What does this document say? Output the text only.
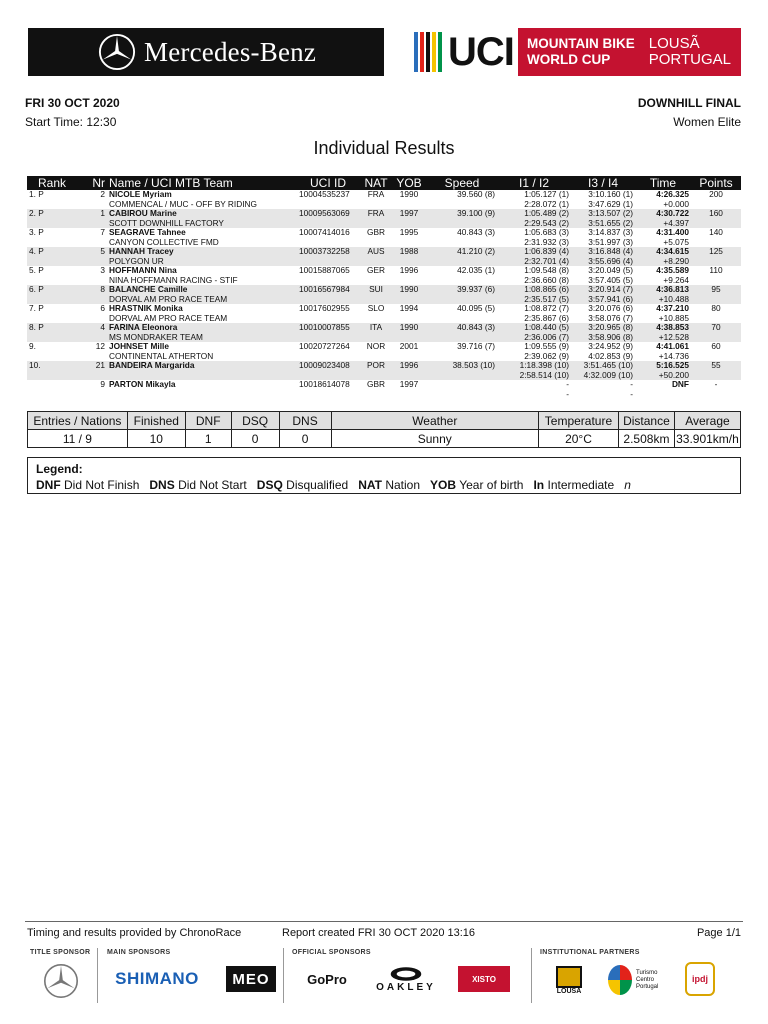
Mercedes-Benz	UCI MOUNTAIN BIKE
WORLD CUP
LOUSÃ
PORTUGAL
FRI 30 OCT 2020
Start Time: 12:30
DOWNHILL FINAL
Women Elite
Individual Results
Rank		Nr	Name / UCI MTB Team	UCI ID	NAT	YOB	Speed	I1 / I2	I3 / I4	Time	Points
1. P		2	NICOLE Myriam	10004535237	FRA	1990	39.560 (8)	1:05.127 (1)	3:10.160 (1)	4:26.325	200
			COMMENCAL / MUC - OFF BY RIDING					2:28.072 (1)	3:47.629 (1)	+0.000	
2. P		1	CABIROU Marine	10009563069	FRA	1997	39.100 (9)	1:05.489 (2)	3:13.507 (2)	4:30.722	160
			SCOTT DOWNHILL FACTORY					2:29.543 (2)	3:51.655 (2)	+4.397	
3. P		7	SEAGRAVE Tahnee	10007414016	GBR	1995	40.843 (3)	1:05.683 (3)	3:14.837 (3)	4:31.400	140
			CANYON COLLECTIVE FMD					2:31.932 (3)	3:51.997 (3)	+5.075	
4. P		5	HANNAH Tracey	10003732258	AUS	1988	41.210 (2)	1:06.839 (4)	3:16.848 (4)	4:34.615	125
			POLYGON UR					2:32.701 (4)	3:55.696 (4)	+8.290	
5. P		3	HOFFMANN Nina	10015887065	GER	1996	42.035 (1)	1:09.548 (8)	3:20.049 (5)	4:35.589	110
			NINA HOFFMANN RACING - STIF					2:36.660 (8)	3:57.405 (5)	+9.264	
6. P		8	BALANCHE Camille	10016567984	SUI	1990	39.937 (6)	1:08.865 (6)	3:20.914 (7)	4:36.813	95
			DORVAL AM PRO RACE TEAM					2:35.517 (5)	3:57.941 (6)	+10.488	
7. P		6	HRASTNIK Monika	10017602955	SLO	1994	40.095 (5)	1:08.872 (7)	3:20.076 (6)	4:37.210	80
			DORVAL AM PRO RACE TEAM					2:35.867 (6)	3:58.076 (7)	+10.885	
8. P		4	FARINA Eleonora	10010007855	ITA	1990	40.843 (3)	1:08.440 (5)	3:20.965 (8)	4:38.853	70
			MS MONDRAKER TEAM					2:36.006 (7)	3:58.906 (8)	+12.528	
9.		12	JOHNSET Mille	10020727264	NOR	2001	39.716 (7)	1:09.555 (9)	3:24.952 (9)	4:41.061	60
			CONTINENTAL ATHERTON					2:39.062 (9)	4:02.853 (9)	+14.736	
10.		21	BANDEIRA Margarida	10009023408	POR	1996	38.503 (10)	1:18.398 (10)	3:51.465 (10)	5:16.525	55
								2:58.514 (10)	4:32.009 (10)	+50.200	
		9	PARTON Mikayla	10018614078	GBR	1997		-	-	DNF	-
								-	-		
Entries / Nations	Finished	DNF	DSQ	DNS	Weather	Temperature	Distance	Average
11 / 9	10	1	0	0	Sunny	20°C	2.508km	33.901km/h
Legend:
DNF Did Not Finish DNS Did Not Start DSQ Disqualified NAT Nation YOB Year of birth In Intermediate n
Timing and results provided by ChronoRace	Report created FRI 30 OCT 2020 13:16	Page 1/1
TITLE SPONSOR MAIN SPONSORS	OFFICIAL SPONSORS	INSTITUTIONAL PARTNERS
SHIMANO	MEO	GoPro
OAKLEY
XISTO
LOUSÃ
Turismo Centro Portugal
ipdj
